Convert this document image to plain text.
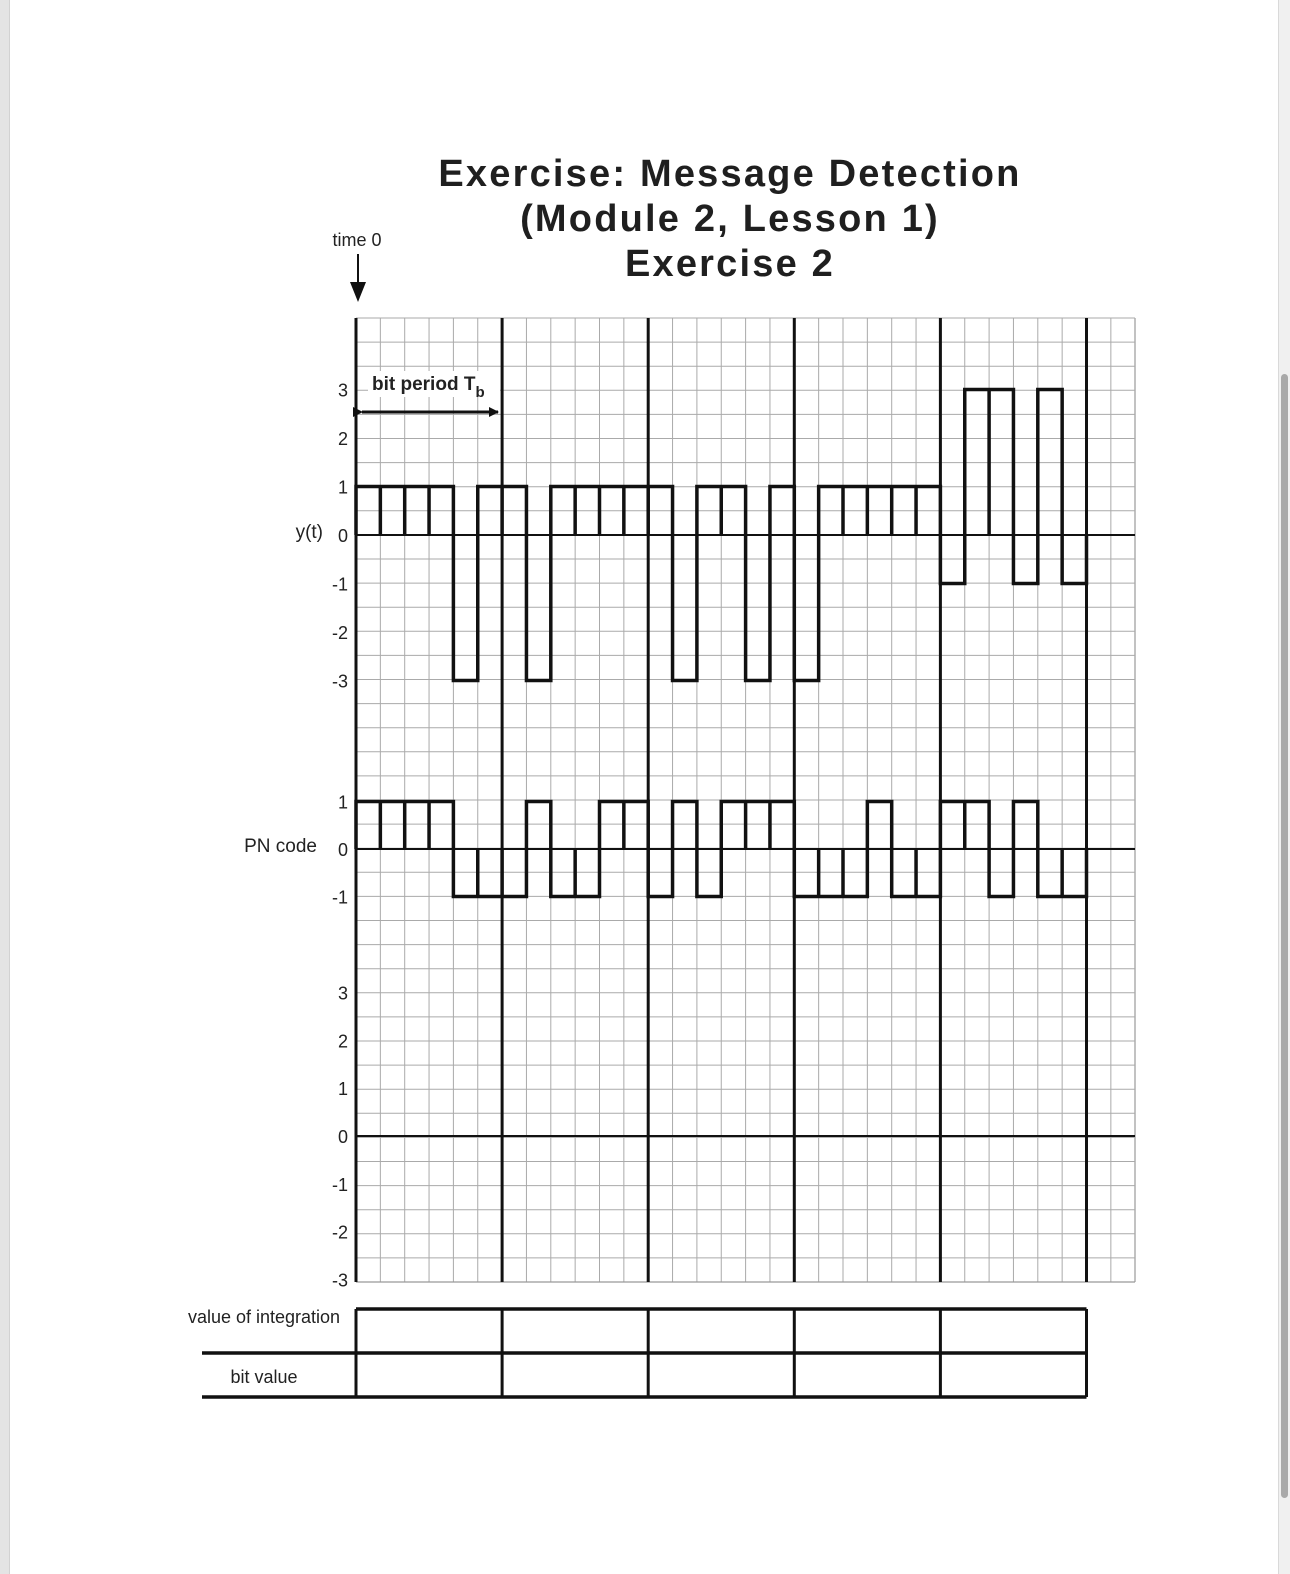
Exercise: Message Detection
(Module 2, Lesson 1)
Exercise 2
3
2
1
0
-1
-2
-3
1
0
-1
3
2
1
0
-1
-2
-3
time 0
bit period $T_b$
y(t)
PN code
value of integration
bit value
